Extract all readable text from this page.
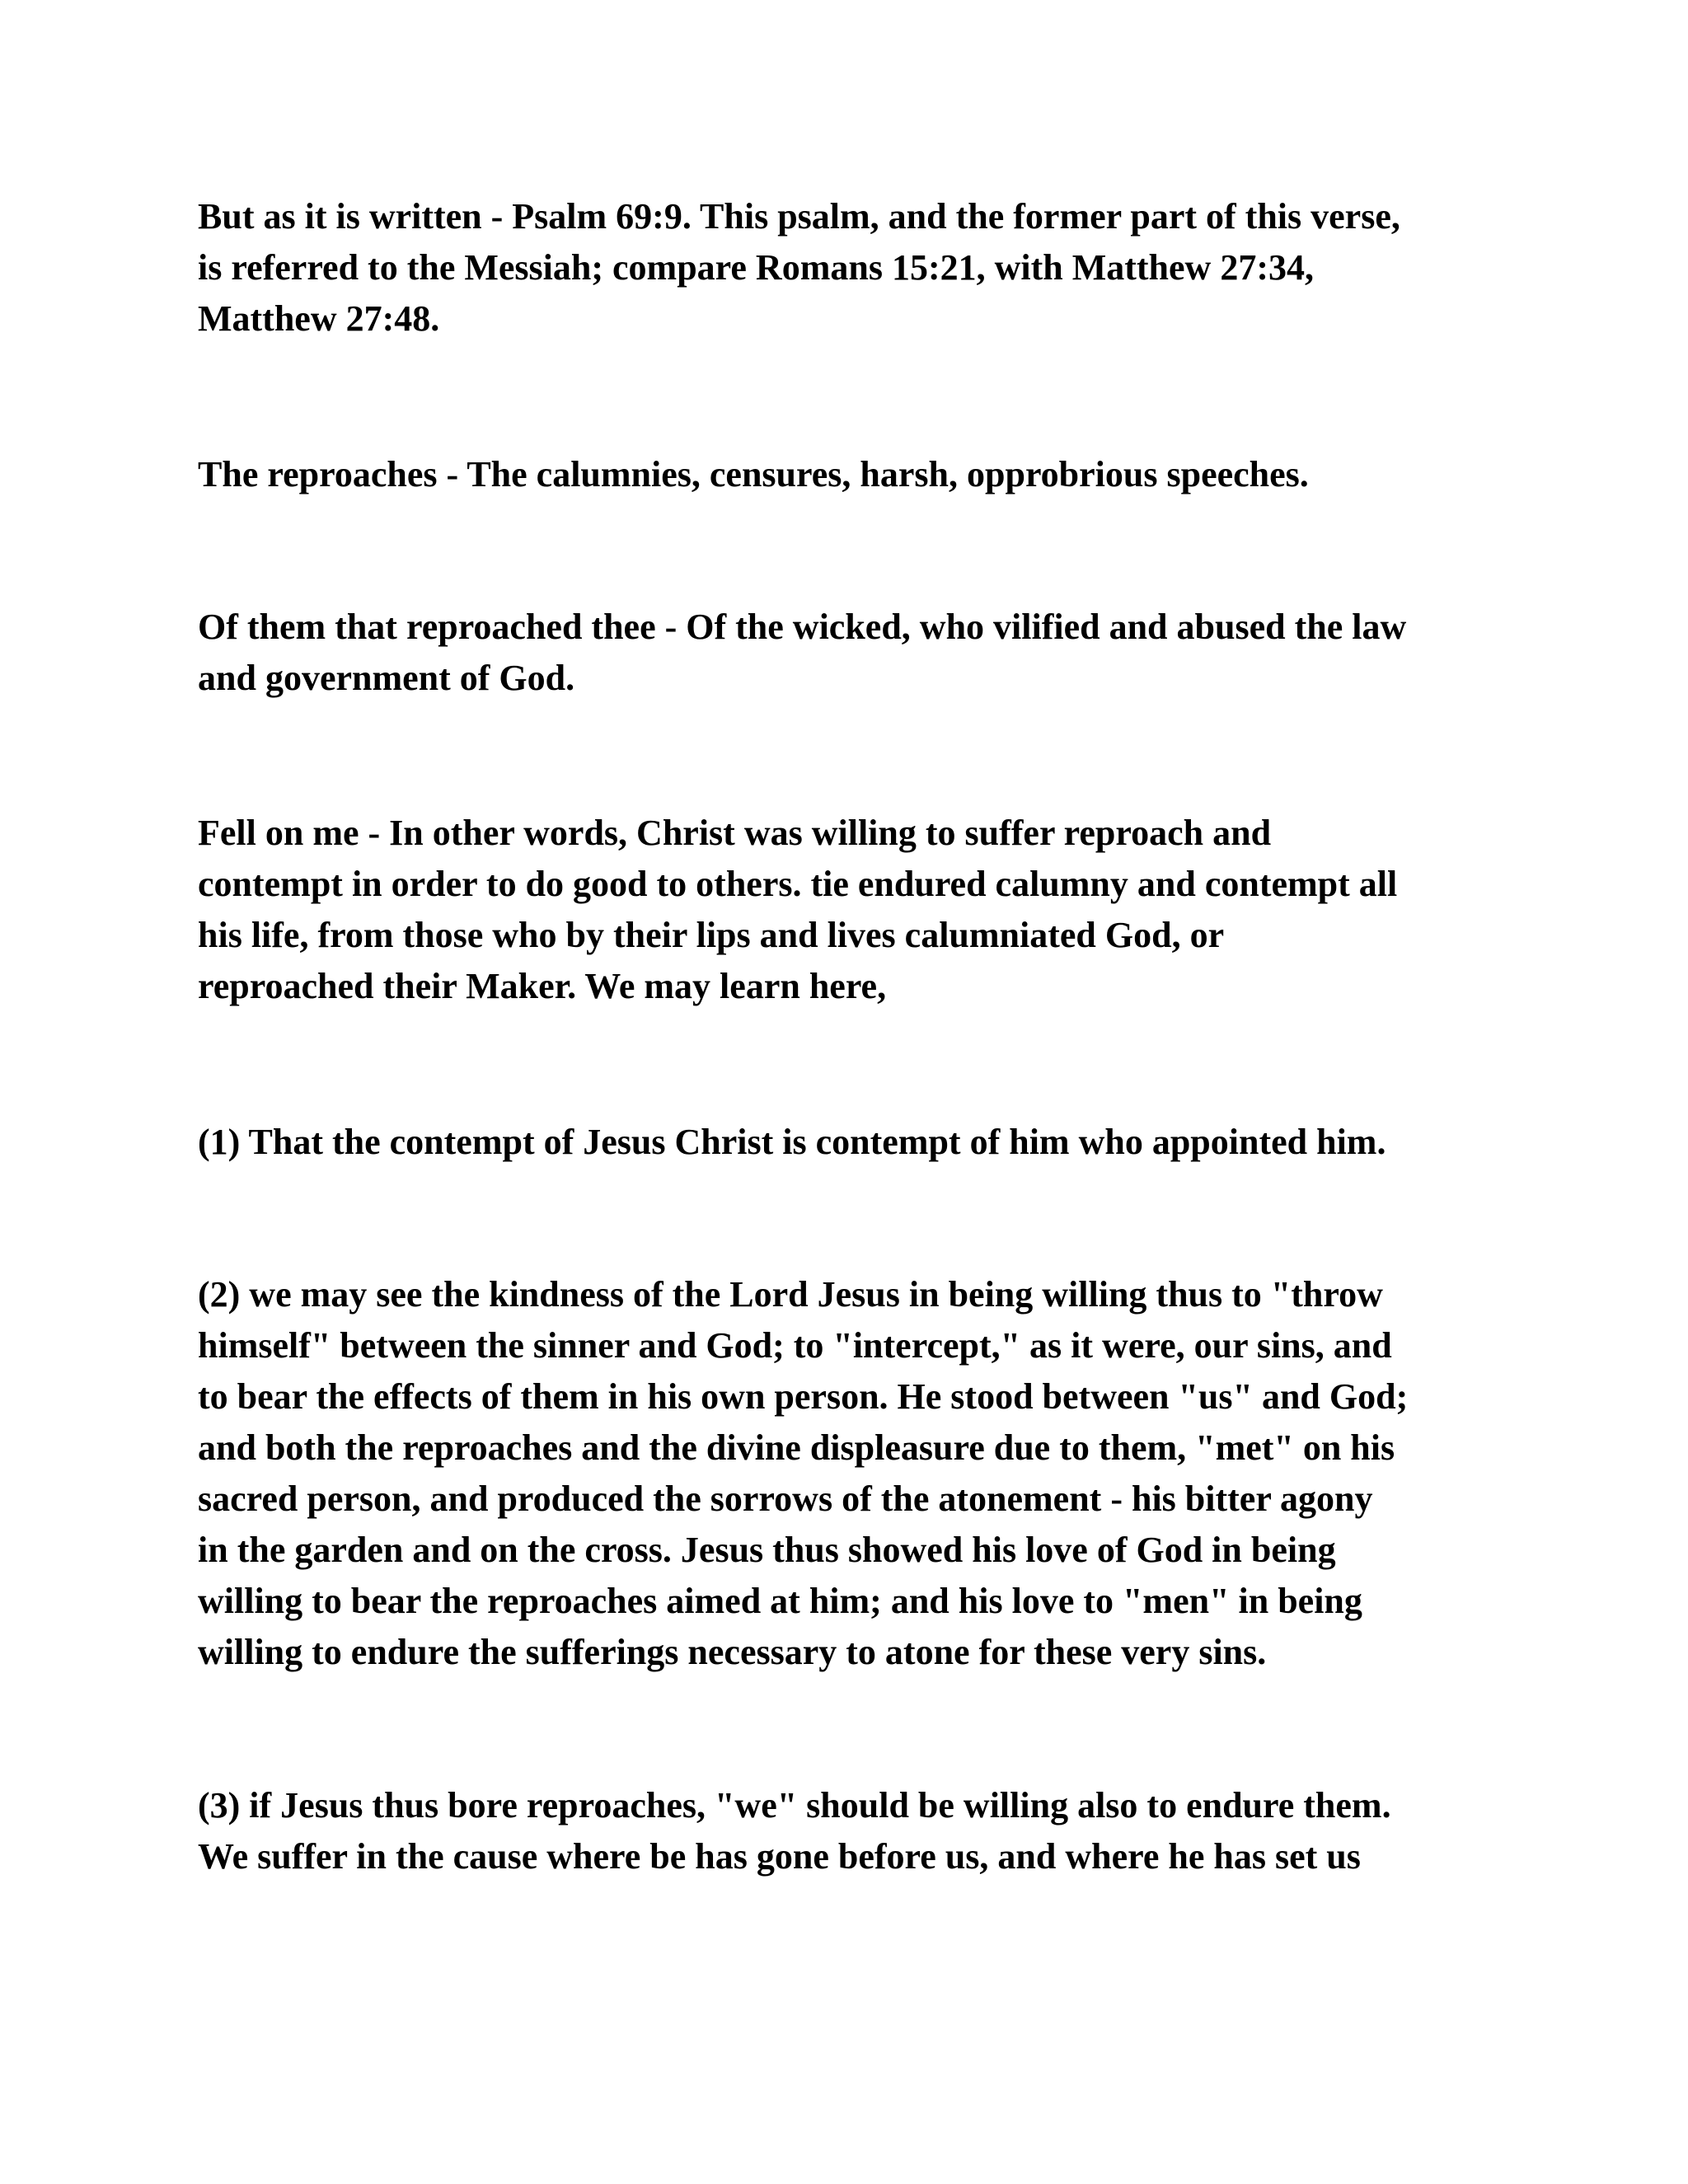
But as it is written - Psalm 69:9. This psalm, and the former part of this verse,
is referred to the Messiah; compare Romans 15:21, with Matthew 27:34,
Matthew 27:48.

The reproaches - The calumnies, censures, harsh, opprobrious speeches.

Of them that reproached thee - Of the wicked, who vilified and abused the law
and government of God.

Fell on me - In other words, Christ was willing to suffer reproach and
contempt in order to do good to others. tie endured calumny and contempt all
his life, from those who by their lips and lives calumniated God, or
reproached their Maker. We may learn here,

(1) That the contempt of Jesus Christ is contempt of him who appointed him.

(2) we may see the kindness of the Lord Jesus in being willing thus to "throw
himself" between the sinner and God; to "intercept," as it were, our sins, and
to bear the effects of them in his own person. He stood between "us" and God;
and both the reproaches and the divine displeasure due to them, "met" on his
sacred person, and produced the sorrows of the atonement - his bitter agony
in the garden and on the cross. Jesus thus showed his love of God in being
willing to bear the reproaches aimed at him; and his love to "men" in being
willing to endure the sufferings necessary to atone for these very sins.

(3) if Jesus thus bore reproaches, "we" should be willing also to endure them.
We suffer in the cause where be has gone before us, and where he has set us
